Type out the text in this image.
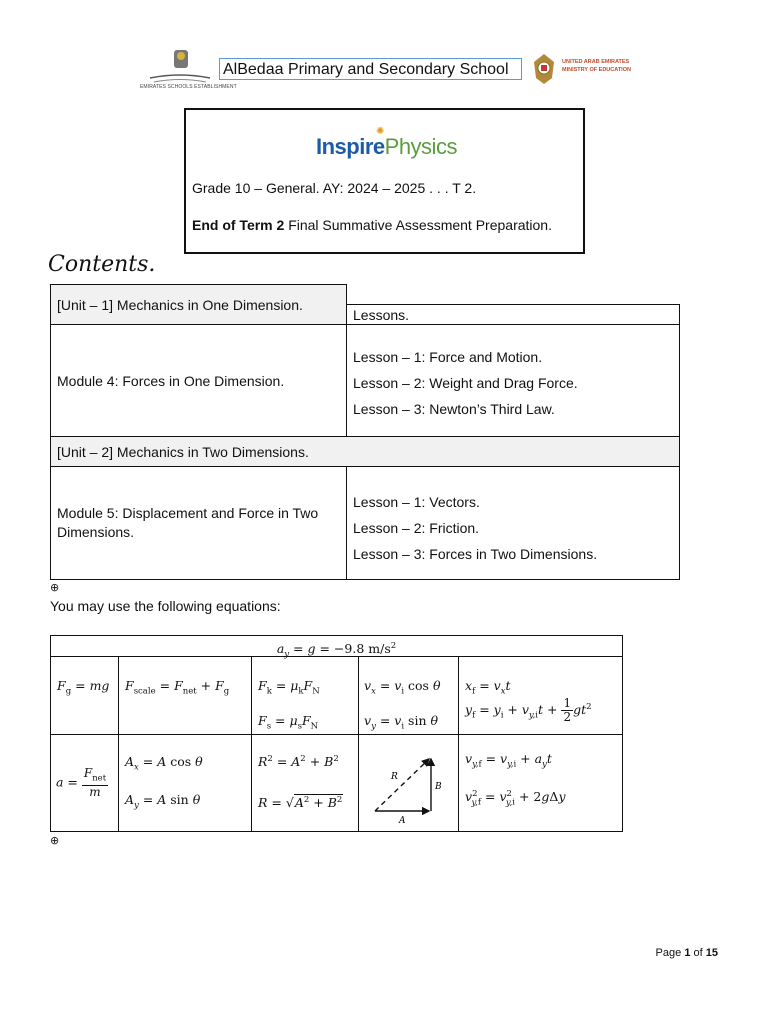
EMIRATES SCHOOLS ESTABLISHMENT
AlBedaa Primary and Secondary School	UNITED ARAB EMIRATES
MINISTRY OF EDUCATION
InspirePhysics
✺
Grade 10 – General. AY: 2024 – 2025 . . . T 2.
End of Term 2 Final Summative Assessment Preparation.
Contents.
[Unit – 1] Mechanics in One Dimension.
Lessons.
Module 4: Forces in One Dimension.
Lesson – 1: Force and Motion.
Lesson – 2: Weight and Drag Force.
Lesson – 3: Newton’s Third Law.
[Unit – 2] Mechanics in Two Dimensions.
Module 5: Displacement and Force in Two Dimensions.
Lesson – 1: Vectors.
Lesson – 2: Friction.
Lesson – 3: Forces in Two Dimensions.
⊕
You may use the following equations:
$a_y = g = -9.8$ $m/s^2$
$F_g$ = mg $F_{scale} = F_{net} + F_g$ $F_k = \mu_kF_N$
$F_s = \mu_sF_N$
$v_x = v_i$ cos θ
$v_y = v_i$ sin θ
$x_f = v_xt$
$y_f = y_i + v_{y,i}t + \frac{1}{2} gt^2$
$a = \frac{F_{net}}{m}$
$A_x = A$ cos θ
$A_y = A$ sin θ
$R^2 = A^2 + B^2$
$R = √A^2 + B^2$
R
A
B
$v_{y,f} = v_{y,i} + a_yt$
$v^2_{y,f} = v^2_{y,i} + 2g\Delta y$
⊕
Page 1 of 15
